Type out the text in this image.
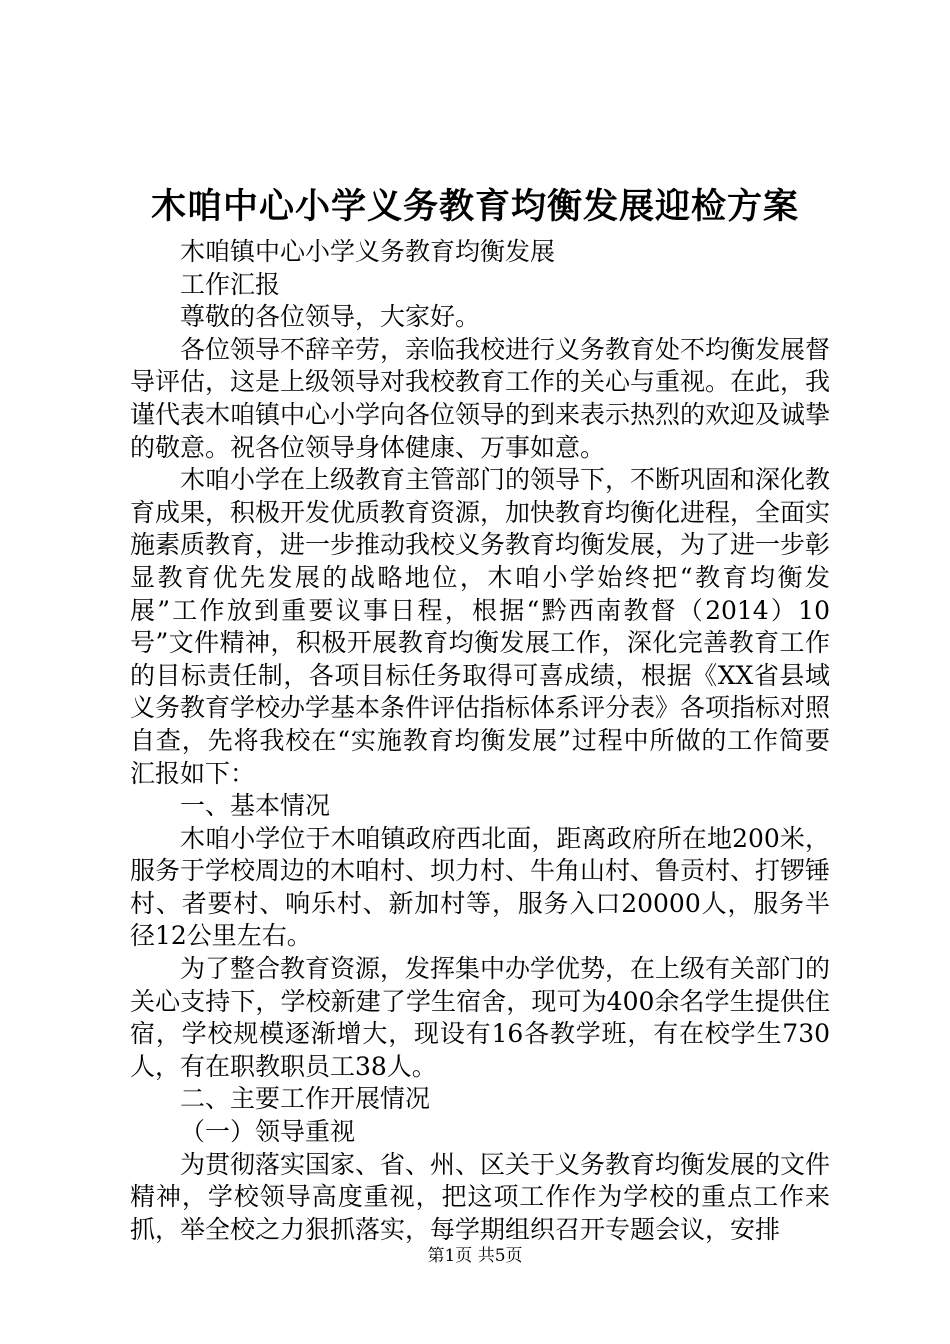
木咱中心小学义务教育均衡发展迎检方案

木咱镇中心小学义务教育均衡发展

工作汇报

尊敬的各位领导，大家好。

各位领导不辞辛劳，亲临我校进行义务教育处不均衡发展督导评估，这是上级领导对我校教育工作的关心与重视。在此，我谨代表木咱镇中心小学向各位领导的到来表示热烈的欢迎及诚挚的敬意。祝各位领导身体健康、万事如意。

木咱小学在上级教育主管部门的领导下，不断巩固和深化教育成果，积极开发优质教育资源，加快教育均衡化进程，全面实施素质教育，进一步推动我校义务教育均衡发展，为了进一步彰显教育优先发展的战略地位，木咱小学始终把“教育均衡发展”工作放到重要议事日程，根据“黔西南教督（2014）10号”文件精神，积极开展教育均衡发展工作，深化完善教育工作的目标责任制，各项目标任务取得可喜成绩，根据《XX省县域义务教育学校办学基本条件评估指标体系评分表》各项指标对照自查，先将我校在“实施教育均衡发展”过程中所做的工作简要汇报如下：

一、基本情况

木咱小学位于木咱镇政府西北面，距离政府所在地200米，服务于学校周边的木咱村、坝力村、牛角山村、鲁贡村、打锣锤村、者要村、响乐村、新加村等，服务入口20000人，服务半径12公里左右。

为了整合教育资源，发挥集中办学优势，在上级有关部门的关心支持下，学校新建了学生宿舍，现可为400余名学生提供住宿，学校规模逐渐增大，现设有16各教学班，有在校学生730人，有在职教职员工38人。

二、主要工作开展情况

（一）领导重视

为贯彻落实国家、省、州、区关于义务教育均衡发展的文件精神，学校领导高度重视，把这项工作作为学校的重点工作来抓，举全校之力狠抓落实，每学期组织召开专题会议，安排

第1页 共5页
